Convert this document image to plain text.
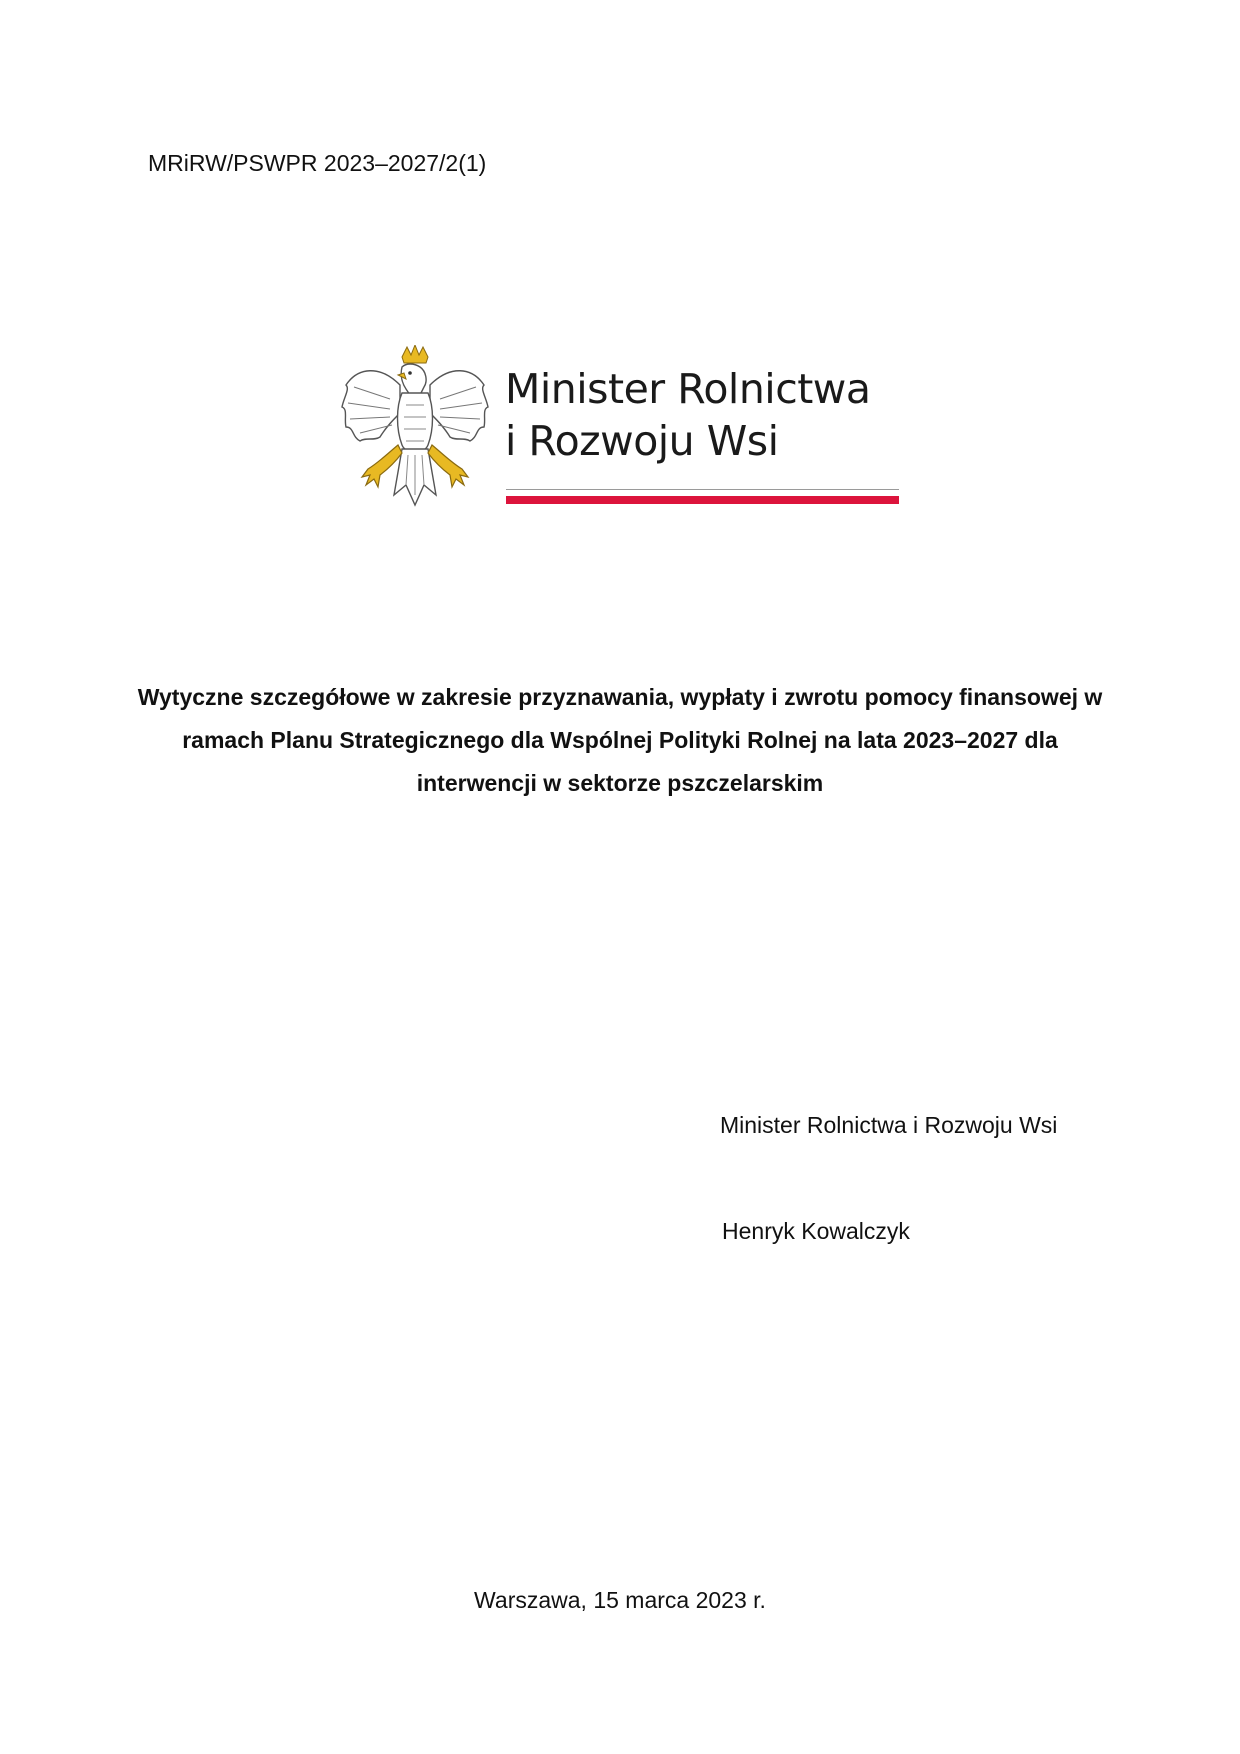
MRiRW/PSWPR 2023–2027/2(1)
Minister Rolnictwa
i Rozwoju Wsi
Wytyczne szczegółowe w zakresie przyznawania, wypłaty i zwrotu pomocy finansowej w ramach Planu Strategicznego dla Wspólnej Polityki Rolnej na lata 2023–2027 dla interwencji w sektorze pszczelarskim
Minister Rolnictwa i Rozwoju Wsi
Henryk Kowalczyk
Warszawa, 15 marca 2023 r.
